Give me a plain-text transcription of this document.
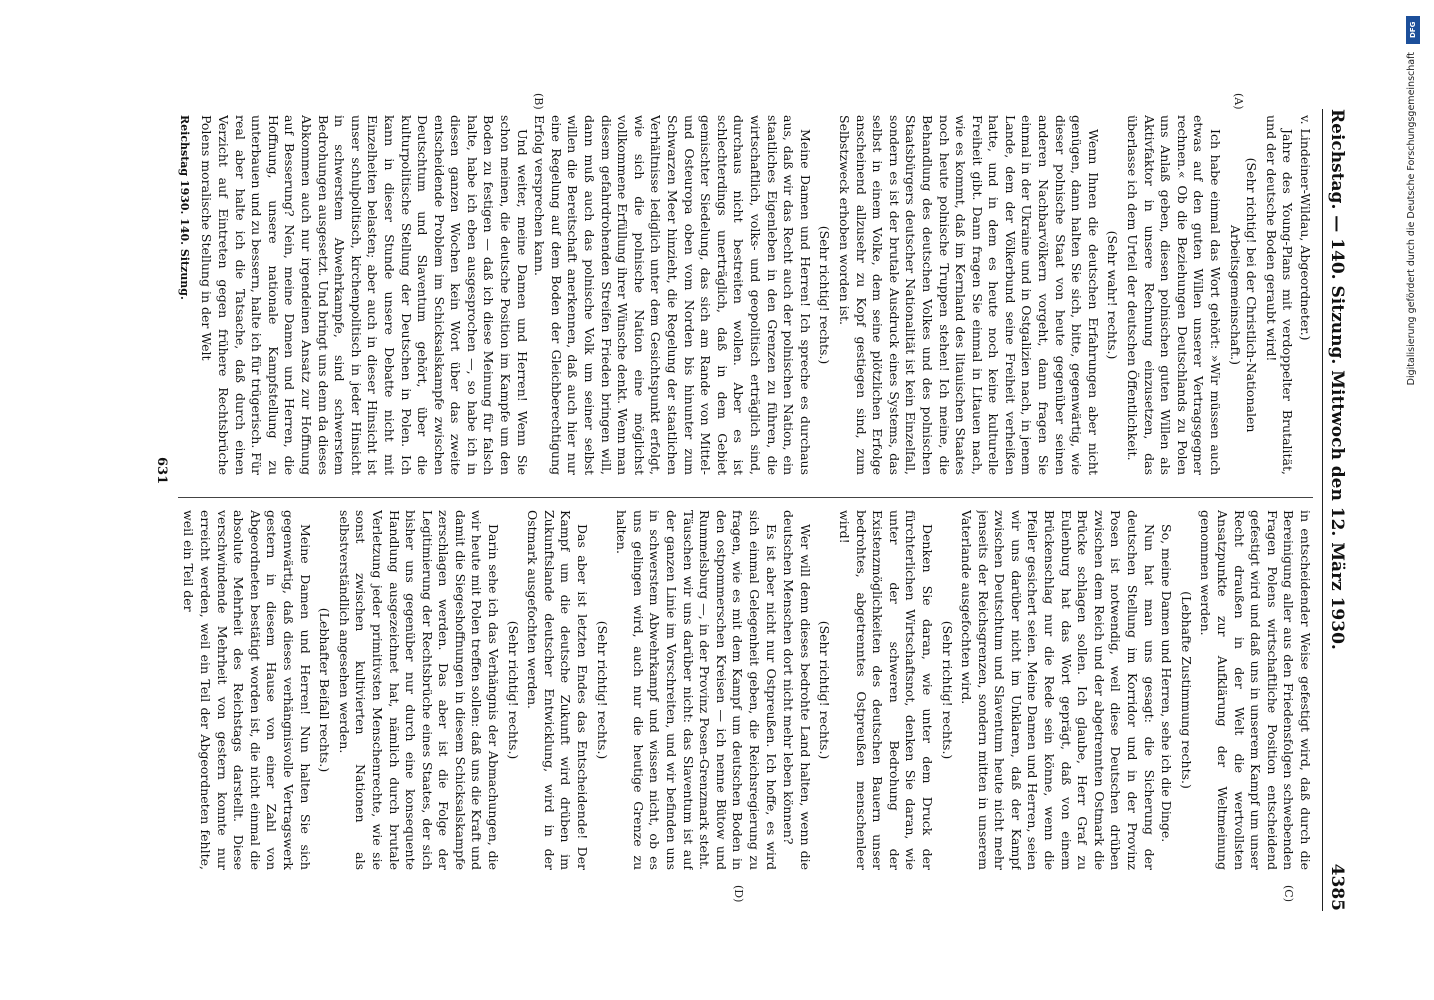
Reichstag. — 140. Sitzung.
Mittwoch den 12. März 1930.
4385
(A)
(B)
(C)
(D)

v. Lindeiner-Wildau, Abgeordneter.)

Jahre des Young-Plans mit verdoppelter Brutalität, und der deutsche Boden geraubt wird!

(Sehr richtig! bei der Christlich-Nationalen Arbeitsgemeinschaft.)

Ich habe einmal das Wort gehört: »Wir müssen auch etwas auf den guten Willen unserer Vertragsgegner rechnen.« Ob die Beziehungen Deutschlands zu Polen uns Anlaß geben, diesen polnischen guten Willen als Aktivfaktor in unsere Rechnung einzusetzen, das überlasse ich dem Urteil der deutschen Öffentlichkeit.

(Sehr wahr! rechts.)

Wenn Ihnen die deutschen Erfahrungen aber nicht genügen, dann halten Sie sich, bitte, gegenwärtig, wie dieser polnische Staat von heute gegenüber seinen anderen Nachbarvölkern vorgeht, dann fragen Sie einmal in der Ukraine und in Ostgalizien nach, in jenem Lande, dem der Völkerbund seine Freiheit verheißen hatte, und in dem es heute noch keine kulturelle Freiheit gibt. Dann fragen Sie einmal in Litauen nach, wie es kommt, daß im Kernland des litauischen Staates noch heute polnische Truppen stehen! Ich meine, die Behandlung des deutschen Volkes und des polnischen Staatsbürgers deutscher Nationalität ist kein Einzelfall, sondern es ist der brutale Ausdruck eines Systems, das selbst in einem Volke, dem seine plötzlichen Erfolge anscheinend allzusehr zu Kopf gestiegen sind, zum Selbstzweck erhoben worden ist.

(Sehr richtig! rechts.)

Meine Damen und Herren! Ich spreche es durchaus aus, daß wir das Recht auch der polnischen Nation, ein staatliches Eigenleben in den Grenzen zu führen, die wirtschaftlich, volks- und geopolitisch erträglich sind, durchaus nicht bestreiten wollen. Aber es ist schlechterdings unerträglich, daß in dem Gebiet gemischter Siedelung, das sich am Rande von Mittel- und Osteuropa oben vom Norden bis hinunter zum Schwarzen Meer hinzieht, die Regelung der staatlichen Verhältnisse lediglich unter dem Gesichtspunkt erfolgt, wie sich die polnische Nation eine möglichst vollkommene Erfüllung ihrer Wünsche denkt. Wenn man diesem gefahrdrohenden Streifen Frieden bringen will, dann muß auch das polnische Volk um seiner selbst willen die Bereitschaft anerkennen, daß auch hier nur eine Regelung auf dem Boden der Gleichberechtigung Erfolg versprechen kann.

Und weiter, meine Damen und Herren! Wenn Sie schon meinen, die deutsche Position im Kampfe um den Boden zu festigen — daß ich diese Meinung für falsch halte, habe ich eben ausgesprochen —, so habe ich in diesen ganzen Wochen kein Wort über das zweite entscheidende Problem im Schicksalskampfe zwischen Deutschtum und Slaventum gehört, über die kulturpolitische Stellung der Deutschen in Polen. Ich kann in dieser Stunde unsere Debatte nicht mit Einzelheiten belasten; aber auch in dieser Hinsicht ist unser schulpolitisch, kirchenpolitisch in jeder Hinsicht in schwerstem Abwehrkampfe, sind schwerstem Bedrohungen ausgesetzt. Und bringt uns denn da dieses Abkommen auch nur irgendeinen Ansatz zur Hoffnung auf Besserung? Nein, meine Damen und Herren, die Hoffnung, unsere nationale Kampfstellung zu unterbauen und zu bessern, halte ich für trügerisch. Für real aber halte ich die Tatsache, daß durch einen Verzicht auf Eintreten gegen frühere Rechtsbrüche Polens moralische Stellung in der Welt

Reichstag 1930. 140. Sitzung.

in entscheidender Weise gefestigt wird, daß durch die Bereinigung aller aus den Friedensfolgen schwebenden Fragen Polens wirtschaftliche Position entscheidend gefestigt wird und daß uns in unserem Kampf um unser Recht draußen in der Welt die wertvollsten Ansatzpunkte zur Aufklärung der Weltmeinung genommen werden.

(Lebhafte Zustimmung rechts.)

So, meine Damen und Herren, sehe ich die Dinge.

Nun hat man uns gesagt: die Sicherung der deutschen Stellung im Korridor und in der Provinz Posen ist notwendig, weil diese Deutschen drüben zwischen dem Reich und der abgetrennten Ostmark die Brücke schlagen sollen. Ich glaube, Herr Graf zu Eulenburg hat das Wort geprägt, daß von einem Brückenschlag nur die Rede sein könne, wenn die Pfeiler gesichert seien. Meine Damen und Herren, seien wir uns darüber nicht im Unklaren, daß der Kampf zwischen Deutschtum und Slaventum heute nicht mehr jenseits der Reichsgrenzen, sondern mitten in unserem Vaterlande ausgefochten wird.

(Sehr richtig! rechts.)

Denken Sie daran, wie unter dem Druck der fürchterlichen Wirtschaftsnot, denken Sie daran, wie unter der schweren Bedrohung der Existenzmöglichkeiten des deutschen Bauern unser bedrohtes, abgetrenntes Ostpreußen menschenleer wird!

(Sehr richtig! rechts.)

Wer will denn dieses bedrohte Land halten, wenn die deutschen Menschen dort nicht mehr leben können?

Es ist aber nicht nur Ostpreußen. Ich hoffe, es wird sich einmal Gelegenheit geben, die Reichsregierung zu fragen, wie es mit dem Kampf um deutschen Boden in den ostpommerschen Kreisen — ich nenne Bütow und Rummelsburg —, in der Provinz Posen-Grenzmark steht. Täuschen wir uns darüber nicht: das Slaventum ist auf der ganzen Linie im Vorschreiten, und wir befinden uns in schwerstem Abwehrkampf und wissen nicht, ob es uns gelingen wird, auch nur die heutige Grenze zu halten.

(Sehr richtig! rechts.)

Das aber ist letzten Endes das Entscheidende! Der Kampf um die deutsche Zukunft wird drüben im Zukunftslande deutscher Entwicklung, wird in der Ostmark ausgefochten werden.

(Sehr richtig! rechts.)

Darin sehe ich das Verhängnis der Abmachungen, die wir heute mit Polen treffen sollen: daß uns die Kraft und damit die Siegeshoffnungen in diesem Schicksalskampfe zerschlagen werden. Das aber ist die Folge der Legitimierung der Rechtsbrüche eines Staates, der sich bisher uns gegenüber nur durch eine konsequente Handlung ausgezeichnet hat, nämlich durch brutale Verletzung jeder primitivsten Menschenrechte, wie sie sonst zwischen kultivierten Nationen als selbstverständlich angesehen werden.

(Lebhafter Beifall rechts.)

Meine Damen und Herren! Nun halten Sie sich gegenwärtig, daß dieses verhängnisvolle Vertragswerk gestern in diesem Hause von einer Zahl von Abgeordneten bestätigt worden ist, die nicht einmal die absolute Mehrheit des Reichstags darstellt. Diese verschwindende Mehrheit von gestern konnte nur erreicht werden, weil ein Teil der Abgeordneten fehlte, weil ein Teil der

631
DFG
Digitalisierung gefördert durch die Deutsche Forschungsgemeinschaft
